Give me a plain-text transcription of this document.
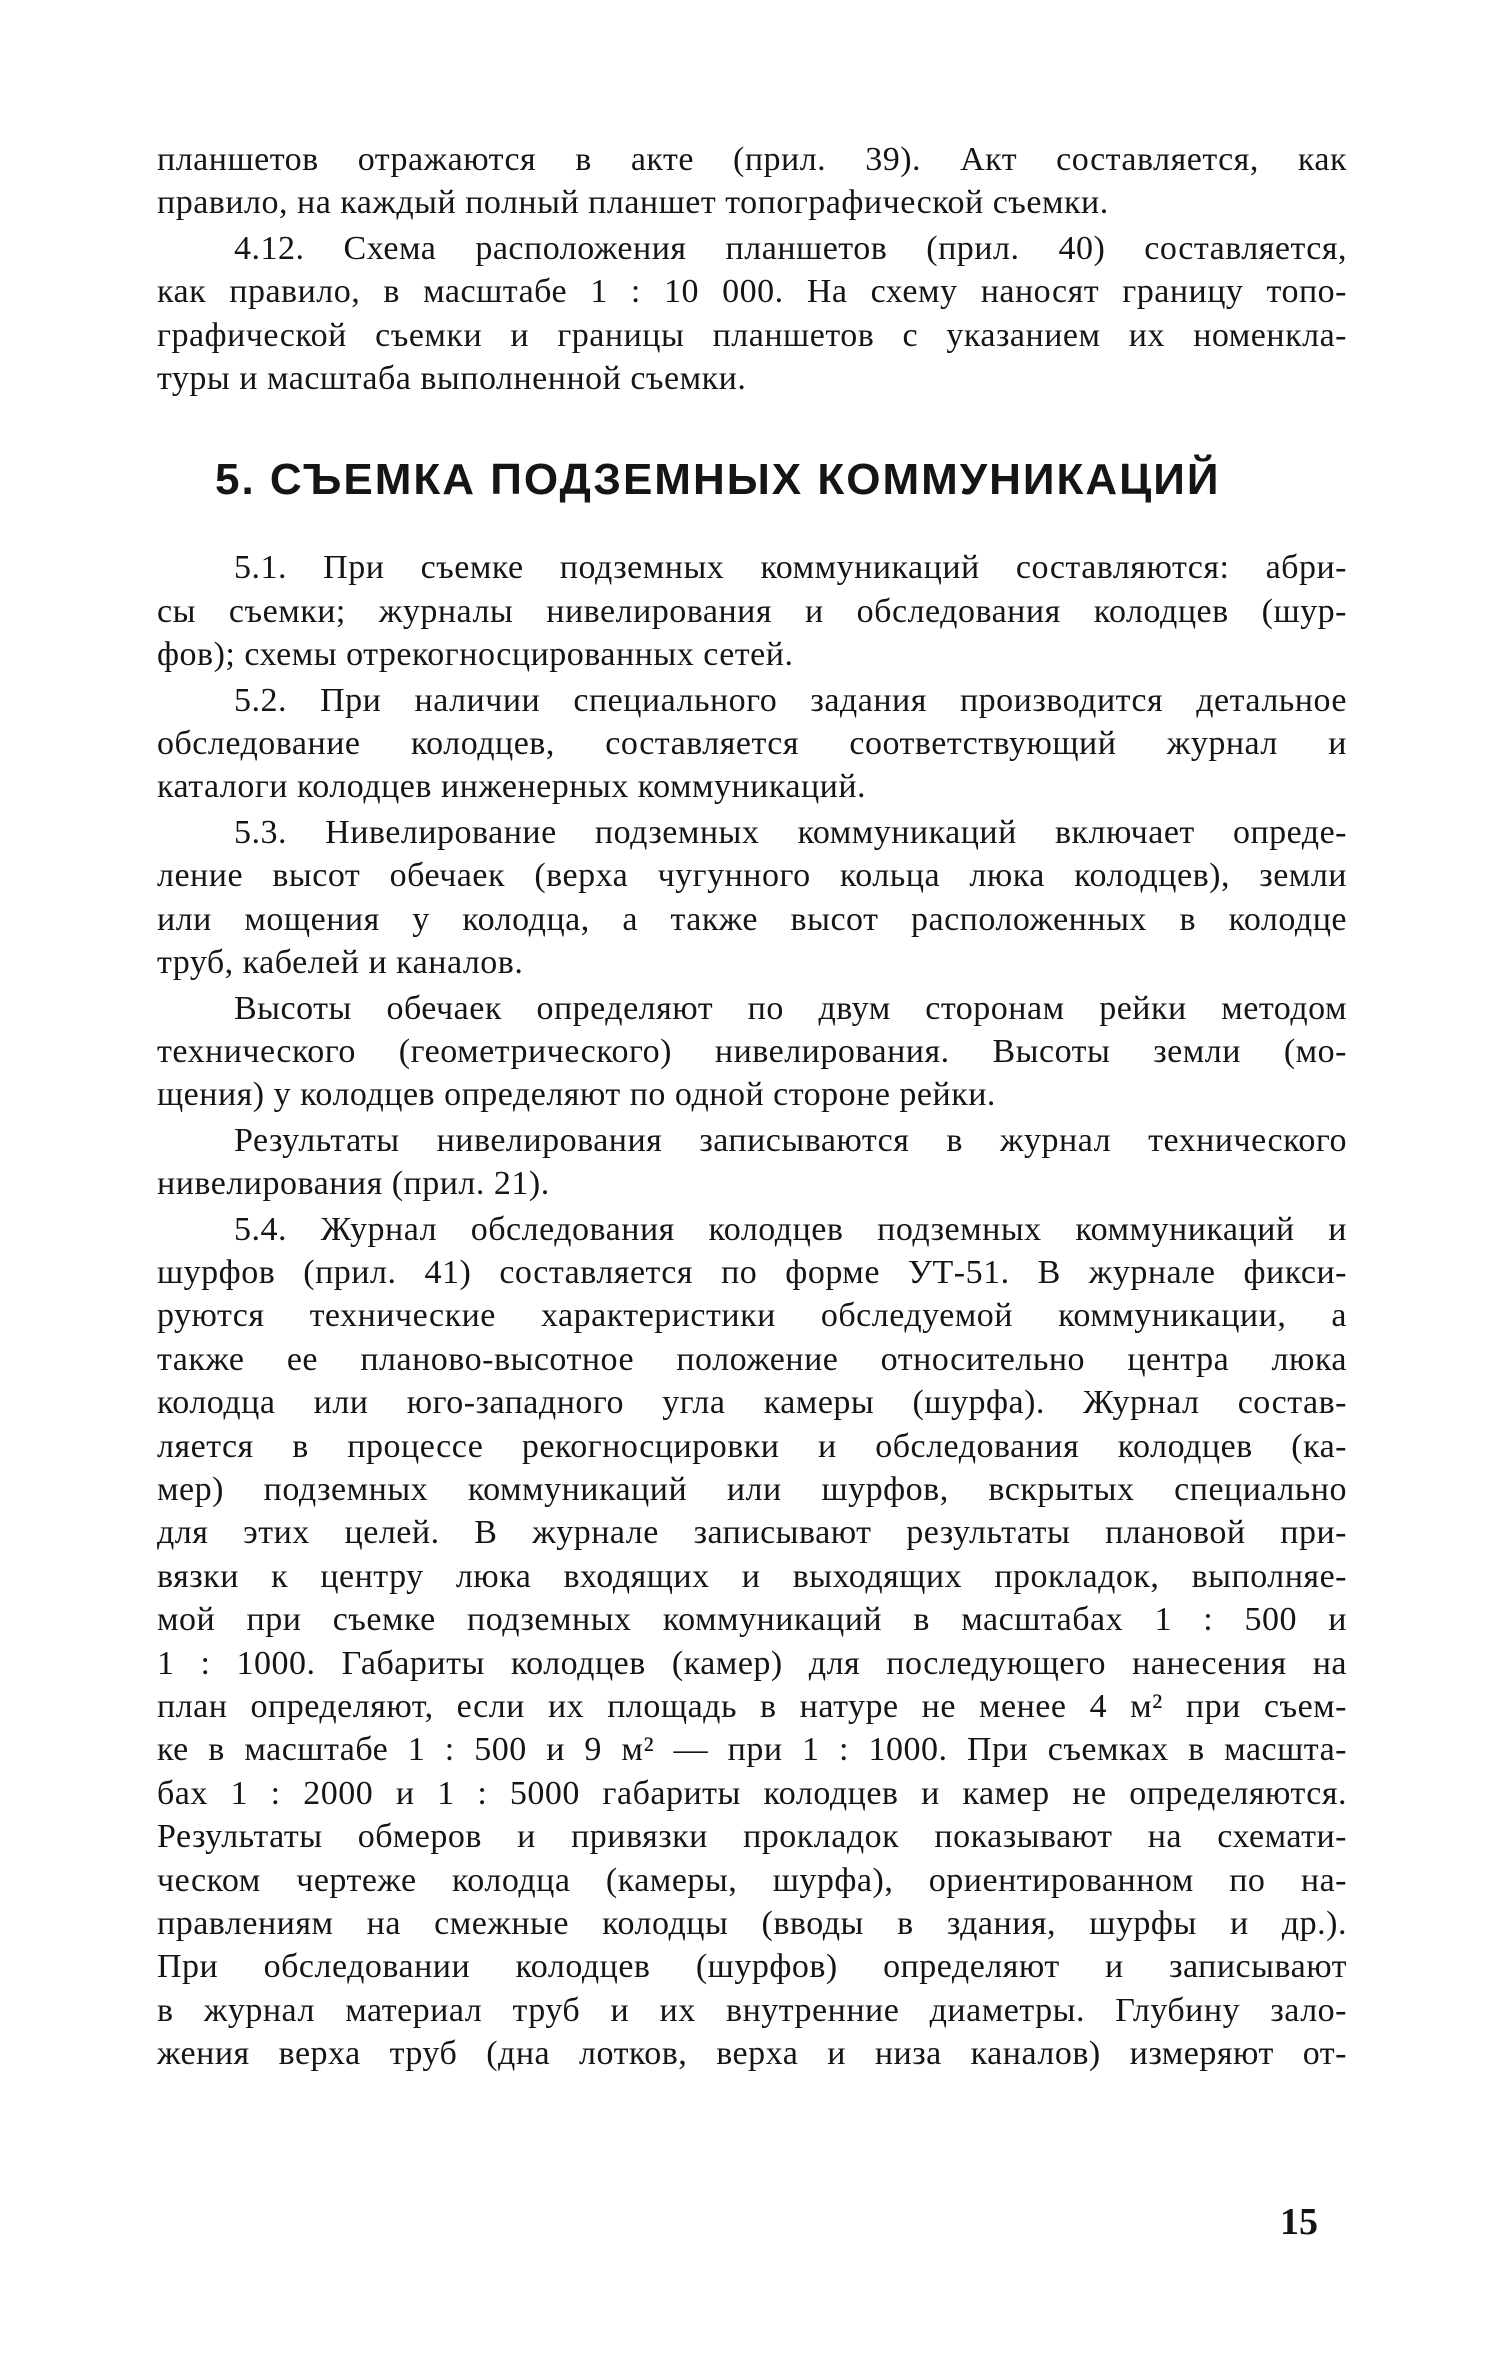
планшетов отражаются в акте (прил. 39). Акт составляется, как
правило, на каждый полный планшет топографической съемки.
4.12. Схема расположения планшетов (прил. 40) составляется,
как правило, в масштабе 1 : 10 000. На схему наносят границу топо-
графической съемки и границы планшетов с указанием их номенкла-
туры и масштаба выполненной съемки.
5. СЪЕМКА ПОДЗЕМНЫХ КОММУНИКАЦИЙ
5.1. При съемке подземных коммуникаций составляются: абри-
сы съемки; журналы нивелирования и обследования колодцев (шур-
фов); схемы отрекогносцированных сетей.
5.2. При наличии специального задания производится детальное
обследование колодцев, составляется соответствующий журнал и
каталоги колодцев инженерных коммуникаций.
5.3. Нивелирование подземных коммуникаций включает опреде-
ление высот обечаек (верха чугунного кольца люка колодцев), земли
или мощения у колодца, а также высот расположенных в колодце
труб, кабелей и каналов.
Высоты обечаек определяют по двум сторонам рейки методом
технического (геометрического) нивелирования. Высоты земли (мо-
щения) у колодцев определяют по одной стороне рейки.
Результаты нивелирования записываются в журнал технического
нивелирования (прил. 21).
5.4. Журнал обследования колодцев подземных коммуникаций и
шурфов (прил. 41) составляется по форме УТ-51. В журнале фикси-
руются технические характеристики обследуемой коммуникации, а
также ее планово-высотное положение относительно центра люка
колодца или юго-западного угла камеры (шурфа). Журнал состав-
ляется в процессе рекогносцировки и обследования колодцев (ка-
мер) подземных коммуникаций или шурфов, вскрытых специально
для этих целей. В журнале записывают результаты плановой при-
вязки к центру люка входящих и выходящих прокладок, выполняе-
мой при съемке подземных коммуникаций в масштабах 1 : 500 и
1 : 1000. Габариты колодцев (камер) для последующего нанесения на
план определяют, если их площадь в натуре не менее 4 м² при съем-
ке в масштабе 1 : 500 и 9 м² — при 1 : 1000. При съемках в масшта-
бах 1 : 2000 и 1 : 5000 габариты колодцев и камер не определяются.
Результаты обмеров и привязки прокладок показывают на схемати-
ческом чертеже колодца (камеры, шурфа), ориентированном по на-
правлениям на смежные колодцы (вводы в здания, шурфы и др.).
При обследовании колодцев (шурфов) определяют и записывают
в журнал материал труб и их внутренние диаметры. Глубину зало-
жения верха труб (дна лотков, верха и низа каналов) измеряют от-
15
